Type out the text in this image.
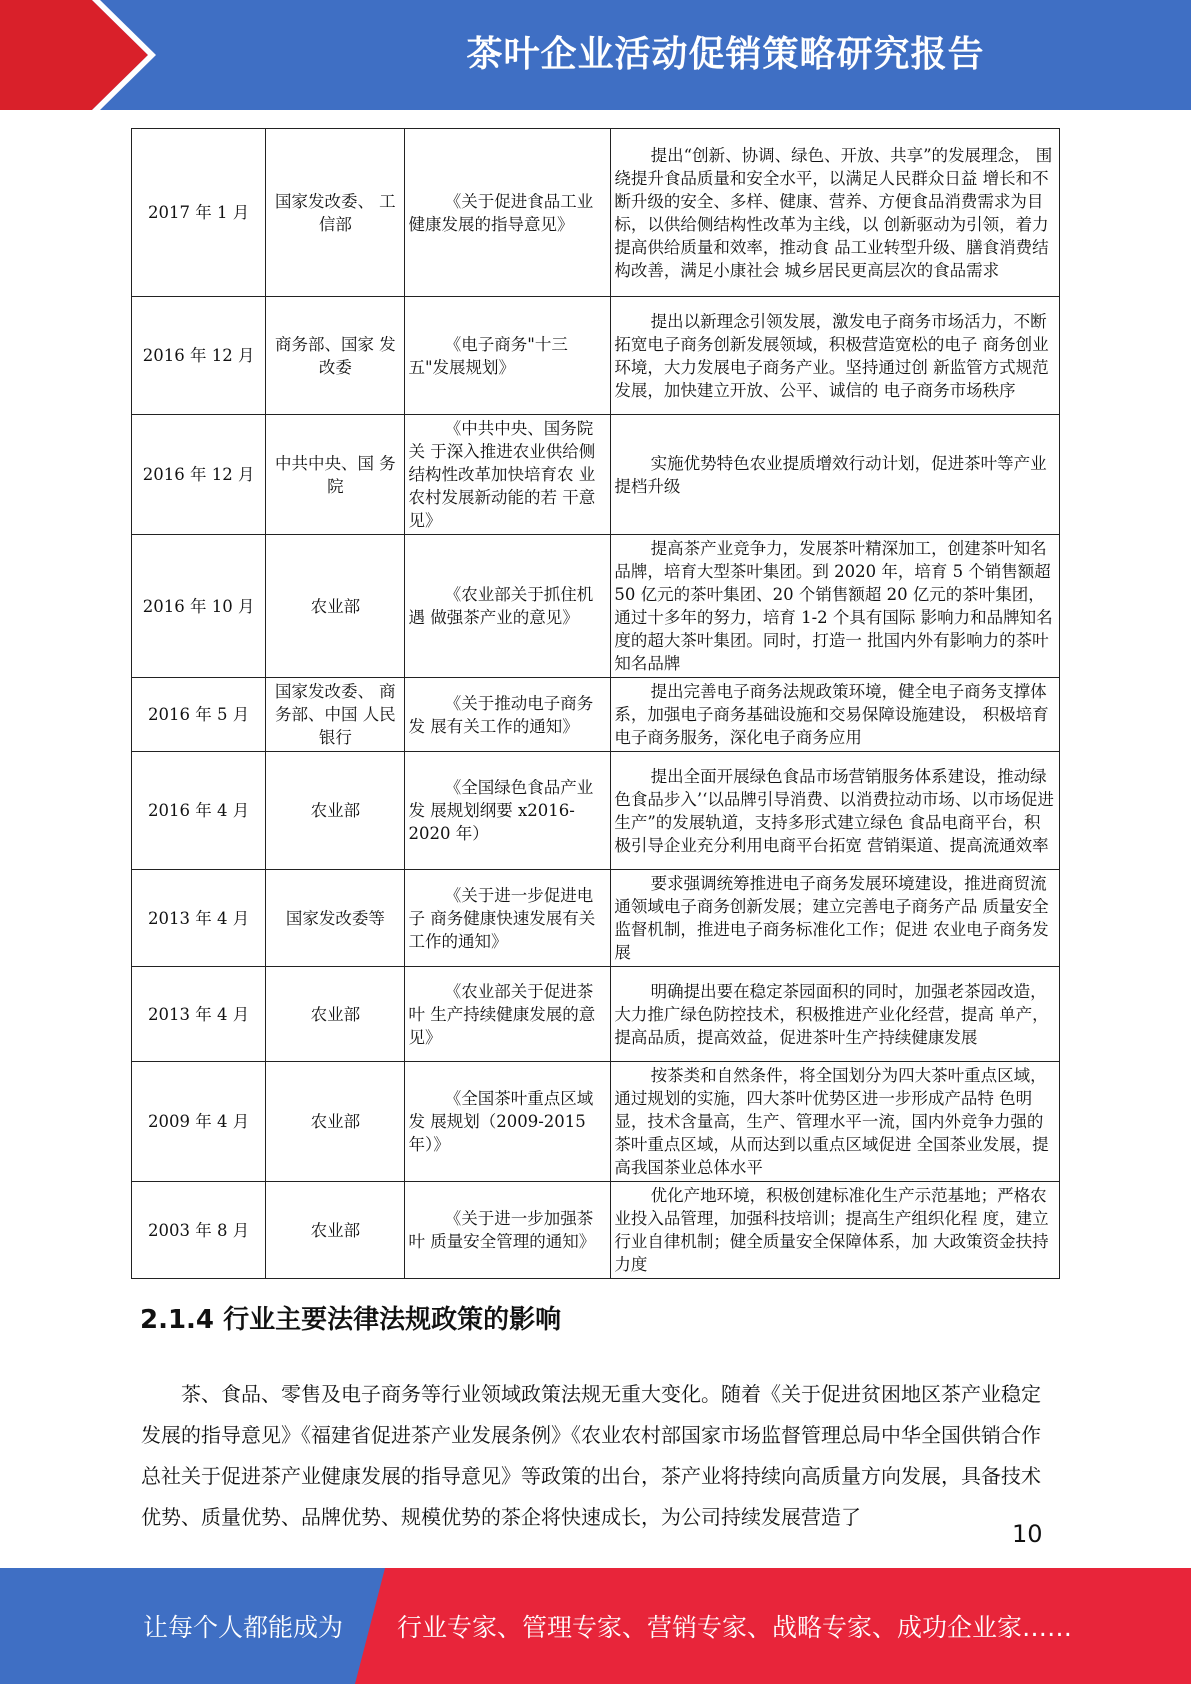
茶叶企业活动促销策略研究报告
2017 年 1 月	国家发改委、 工信部	《关于促进食品工业健康发展的指导意见》	提出“创新、协调、绿色、开放、共享”的发展理念， 围绕提升食品质量和安全水平，以满足人民群众日益 增长和不断升级的安全、多样、健康、营养、方便食品消费需求为目标，以供给侧结构性改革为主线，以 创新驱动为引领，着力提高供给质量和效率，推动食 品工业转型升级、膳食消费结构改善，满足小康社会 城乡居民更高层次的食品需求
2016 年 12 月	商务部、国家 发改委	《电子商务"十三五"发展规划》	提出以新理念引领发展，激发电子商务市场活力，不断拓宽电子商务创新发展领域，积极营造宽松的电子 商务创业环境，大力发展电子商务产业。坚持通过创 新监管方式规范发展，加快建立开放、公平、诚信的 电子商务市场秩序
2016 年 12 月	中共中央、国 务院	《中共中央、国务院关 于深入推进农业供给侧 结构性改革加快培育农 业农村发展新动能的若 干意见》	实施优势特色农业提质增效行动计划，促进茶叶等产业提档升级
2016 年 10 月	农业部	《农业部关于抓住机遇 做强茶产业的意见》	提高茶产业竞争力，发展茶叶精深加工，创建茶叶知名品牌，培育大型茶叶集团。到 2020 年，培育 5 个销售额超 50 亿元的茶叶集团、20 个销售额超 20 亿元的茶叶集团，通过十多年的努力，培育 1-2 个具有国际 影响力和品牌知名度的超大茶叶集团。同时，打造一 批国内外有影响力的茶叶知名品牌
2016 年 5 月	国家发改委、 商务部、中国 人民银行	《关于推动电子商务发 展有关工作的通知》	提出完善电子商务法规政策环境，健全电子商务支撑体系，加强电子商务基础设施和交易保障设施建设， 积极培育电子商务服务，深化电子商务应用
2016 年 4 月	农业部	《全国绿色食品产业发 展规划纲要 x2016-2020 年）	提出全面开展绿色食品市场营销服务体系建设，推动绿色食品步入’‘以品牌引导消费、以消费拉动市场、以市场促进生产”的发展轨道，支持多形式建立绿色 食品电商平台，积极引导企业充分利用电商平台拓宽 营销渠道、提高流通效率
2013 年 4 月	国家发改委等	《关于进一步促进电子 商务健康快速发展有关 工作的通知》	要求强调统筹推进电子商务发展环境建设，推进商贸流通领域电子商务创新发展；建立完善电子商务产品 质量安全监督机制，推进电子商务标准化工作；促进 农业电子商务发展
2013 年 4 月	农业部	《农业部关于促进茶叶 生产持续健康发展的意 见》	明确提出要在稳定茶园面积的同时，加强老茶园改造， 大力推广绿色防控技术，积极推进产业化经营，提高 单产，提高品质，提高效益，促进茶叶生产持续健康发展
2009 年 4 月	农业部	《全国茶叶重点区域发 展规划（2009-2015 年）》	按茶类和自然条件，将全国划分为四大茶叶重点区域， 通过规划的实施，四大茶叶优势区进一步形成产品特 色明显，技术含量高，生产、管理水平一流，国内外竞争力强的茶叶重点区域，从而达到以重点区域促进 全国茶业发展，提高我国茶业总体水平
2003 年 8 月	农业部	《关于进一步加强茶叶 质量安全管理的通知》	优化产地环境，积极创建标准化生产示范基地；严格农业投入品管理，加强科技培训；提高生产组织化程 度，建立行业自律机制；健全质量安全保障体系，加 大政策资金扶持力度
2.1.4 行业主要法律法规政策的影响

茶、食品、零售及电子商务等行业领域政策法规无重大变化。随着《关于促进贫困地区茶产业稳定发展的指导意见》《福建省促进茶产业发展条例》《农业农村部国家市场监督管理总局中华全国供销合作总社关于促进茶产业健康发展的指导意见》等政策的出台，茶产业将持续向高质量方向发展，具备技术优势、质量优势、品牌优势、规模优势的茶企将快速成长，为公司持续发展营造了

10
让每个人都能成为 行业专家、管理专家、营销专家、战略专家、成功企业家……
